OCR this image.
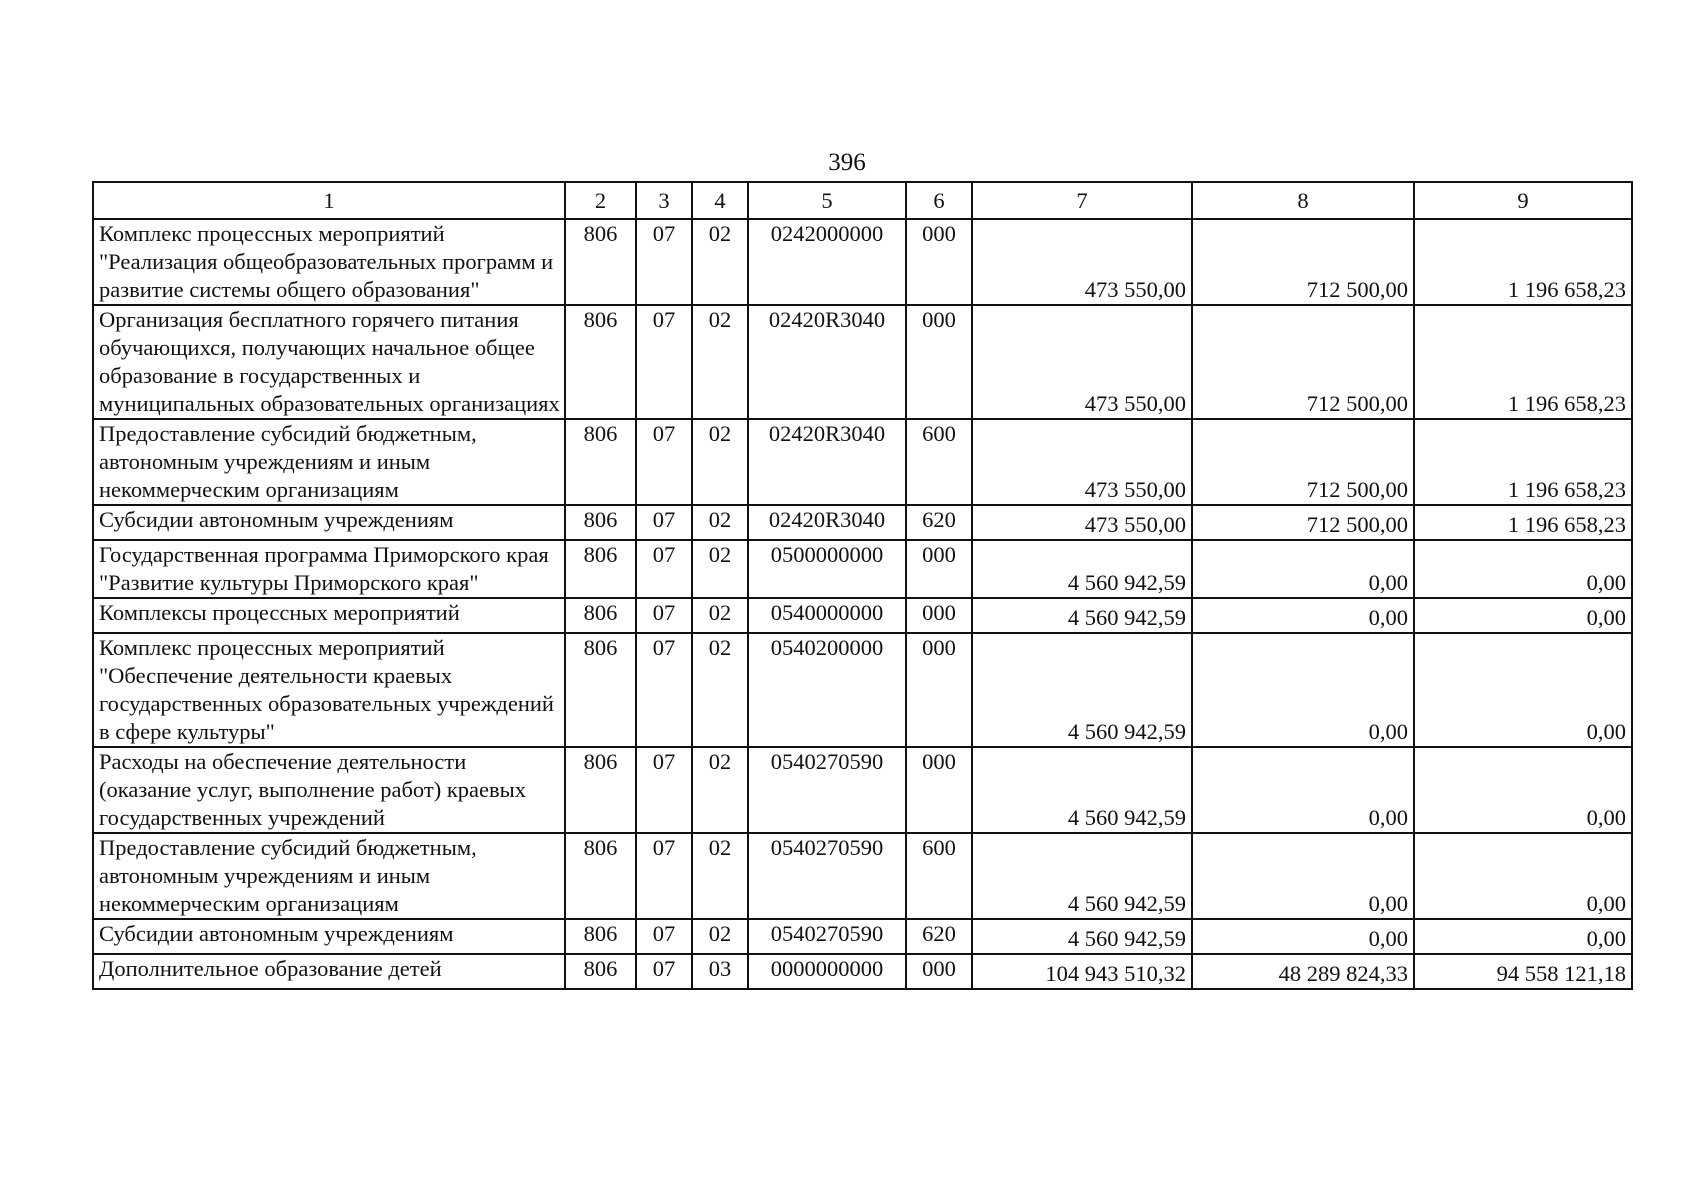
396
1	2	3	4	5	6	7	8	9
Комплекс процессных мероприятий "Реализация общеобразовательных программ и развитие системы общего образования"	806	07	02	0242000000	000	473 550,00	712 500,00	1 196 658,23
Организация бесплатного горячего питания обучающихся, получающих начальное общее образование в государственных и муниципальных образовательных организациях	806	07	02	02420R3040	000	473 550,00	712 500,00	1 196 658,23
Предоставление субсидий бюджетным, автономным учреждениям и иным некоммерческим организациям	806	07	02	02420R3040	600	473 550,00	712 500,00	1 196 658,23
Субсидии автономным учреждениям	806	07	02	02420R3040	620	473 550,00	712 500,00	1 196 658,23
Государственная программа Приморского края "Развитие культуры Приморского края"	806	07	02	0500000000	000	4 560 942,59	0,00	0,00
Комплексы процессных мероприятий	806	07	02	0540000000	000	4 560 942,59	0,00	0,00
Комплекс процессных мероприятий "Обеспечение деятельности краевых государственных образовательных учреждений в сфере культуры"	806	07	02	0540200000	000	4 560 942,59	0,00	0,00
Расходы на обеспечение деятельности (оказание услуг, выполнение работ) краевых государственных учреждений	806	07	02	0540270590	000	4 560 942,59	0,00	0,00
Предоставление субсидий бюджетным, автономным учреждениям и иным некоммерческим организациям	806	07	02	0540270590	600	4 560 942,59	0,00	0,00
Субсидии автономным учреждениям	806	07	02	0540270590	620	4 560 942,59	0,00	0,00
Дополнительное образование детей	806	07	03	0000000000	000	104 943 510,32	48 289 824,33	94 558 121,18
